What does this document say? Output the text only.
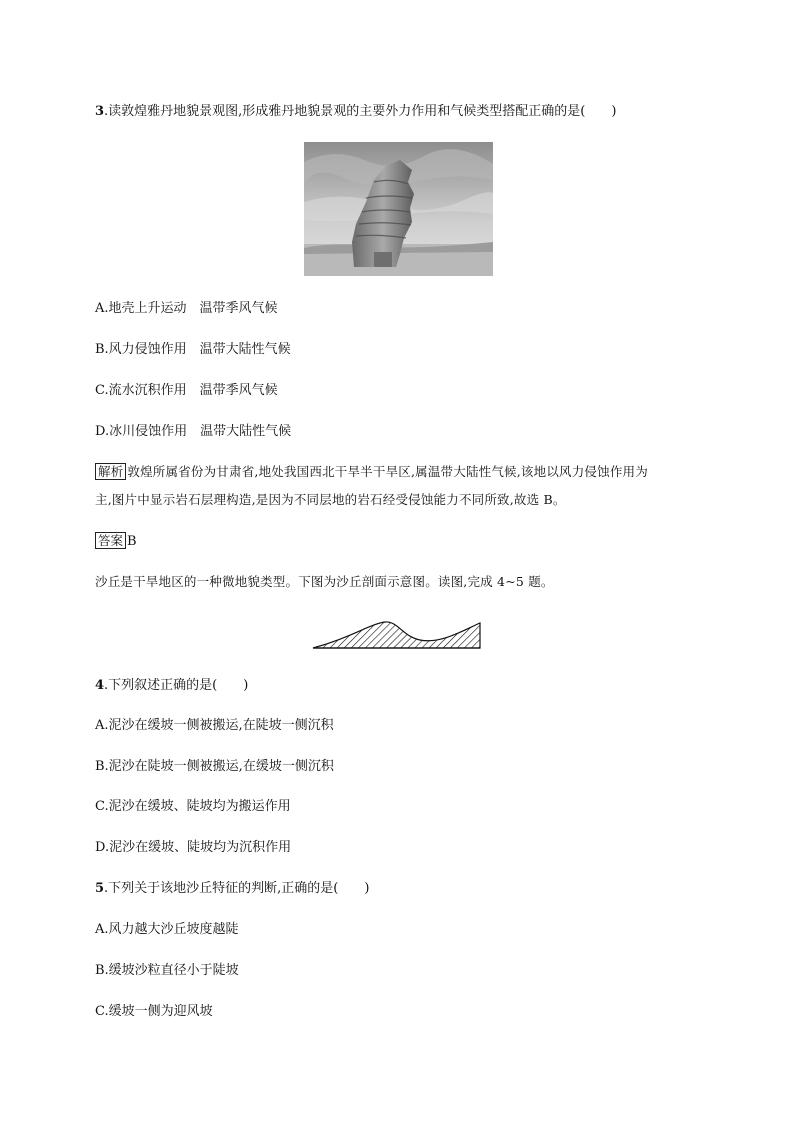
3.读敦煌雅丹地貌景观图,形成雅丹地貌景观的主要外力作用和气候类型搭配正确的是(　　)
A.地壳上升运动　温带季风气候
B.风力侵蚀作用　温带大陆性气候
C.流水沉积作用　温带季风气候
D.冰川侵蚀作用　温带大陆性气候
解析 敦煌所属省份为甘肃省,地处我国西北干旱半干旱区,属温带大陆性气候,该地以风力侵蚀作用为
主,图片中显示岩石层理构造,是因为不同层地的岩石经受侵蚀能力不同所致,故选 B。
答案 B
沙丘是干旱地区的一种微地貌类型。下图为沙丘剖面示意图。读图,完成 4~5 题。
4.下列叙述正确的是(　　)
A.泥沙在缓坡一侧被搬运,在陡坡一侧沉积
B.泥沙在陡坡一侧被搬运,在缓坡一侧沉积
C.泥沙在缓坡、陡坡均为搬运作用
D.泥沙在缓坡、陡坡均为沉积作用
5.下列关于该地沙丘特征的判断,正确的是(　　)
A.风力越大沙丘坡度越陡
B.缓坡沙粒直径小于陡坡
C.缓坡一侧为迎风坡
